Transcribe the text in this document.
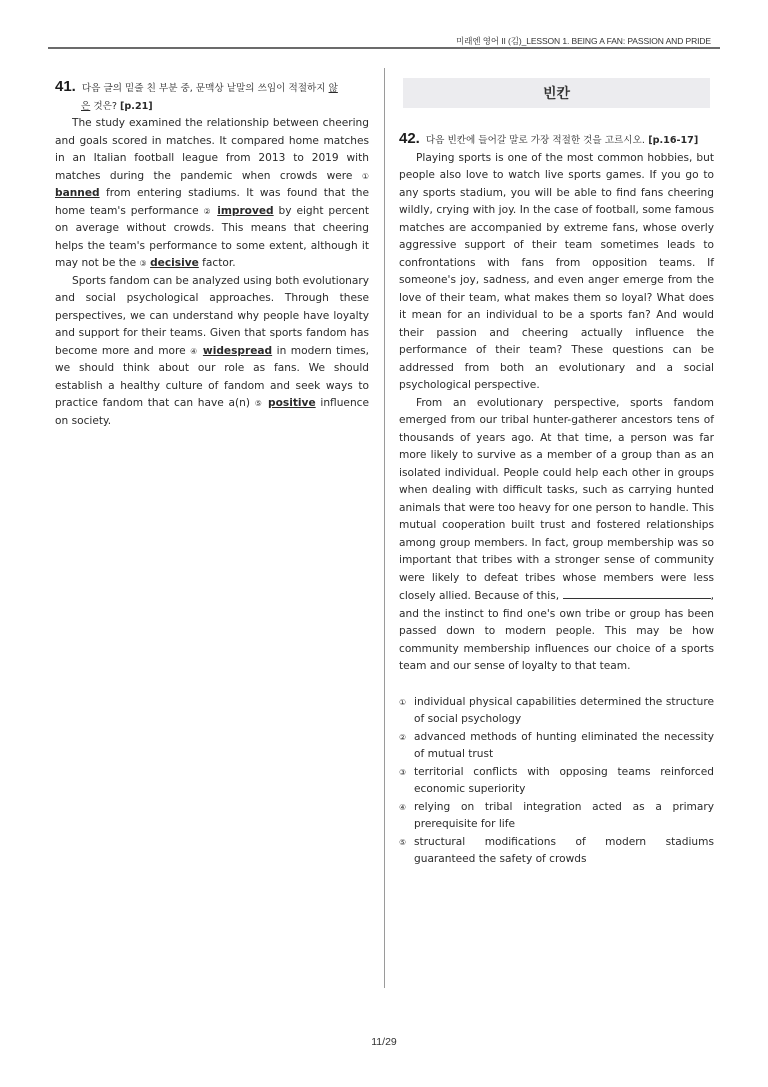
미래엔 영어 II (김)_LESSON 1. BEING A FAN: PASSION AND PRIDE
41. 다음 글의 밑줄 친 부분 중, 문맥상 낱말의 쓰임이 적절하지 않
은 것은? [p.21]

The study examined the relationship between cheering and goals scored in matches. It compared home matches in an Italian football league from 2013 to 2019 with matches during the pandemic when crowds were ① banned from entering stadiums. It was found that the home team's performance ② improved by eight percent on average without crowds. This means that cheering helps the team's performance to some extent, although it may not be the ③ decisive factor.

Sports fandom can be analyzed using both evolutionary and social psychological approaches. Through these perspectives, we can understand why people have loyalty and support for their teams. Given that sports fandom has become more and more ④ widespread in modern times, we should think about our role as fans. We should establish a healthy culture of fandom and seek ways to practice fandom that can have a(n) ⑤ positive influence on society.

빈칸
42. 다음 빈칸에 들어갈 말로 가장 적절한 것을 고르시오. [p.16-17]

Playing sports is one of the most common hobbies, but people also love to watch live sports games. If you go to any sports stadium, you will be able to find fans cheering wildly, crying with joy. In the case of football, some famous matches are accompanied by extreme fans, whose overly aggressive support of their team sometimes leads to confrontations with fans from opposition teams. If someone's joy, sadness, and even anger emerge from the love of their team, what makes them so loyal? What does it mean for an individual to be a sports fan? And would their passion and cheering actually influence the performance of their team? These questions can be addressed from both an evolutionary and a social psychological perspective.

From an evolutionary perspective, sports fandom emerged from our tribal hunter-gatherer ancestors tens of thousands of years ago. At that time, a person was far more likely to survive as a member of a group than as an isolated individual. People could help each other in groups when dealing with difficult tasks, such as carrying hunted animals that were too heavy for one person to handle. This mutual cooperation built trust and fostered relationships among group members. In fact, group membership was so important that tribes with a stronger sense of community were likely to defeat tribes whose members were less closely allied. Because of this,	, and the instinct to find one's own tribe or group has been passed down to modern people. This may be how community membership influences our choice of a sports team and our sense of loyalty to that team.

① individual physical capabilities determined the structure of social psychology
② advanced methods of hunting eliminated the necessity of mutual trust
③ territorial conflicts with opposing teams reinforced economic superiority
④ relying on tribal integration acted as a primary prerequisite for life
⑤ structural modifications of modern stadiums guaranteed the safety of crowds
11/29
